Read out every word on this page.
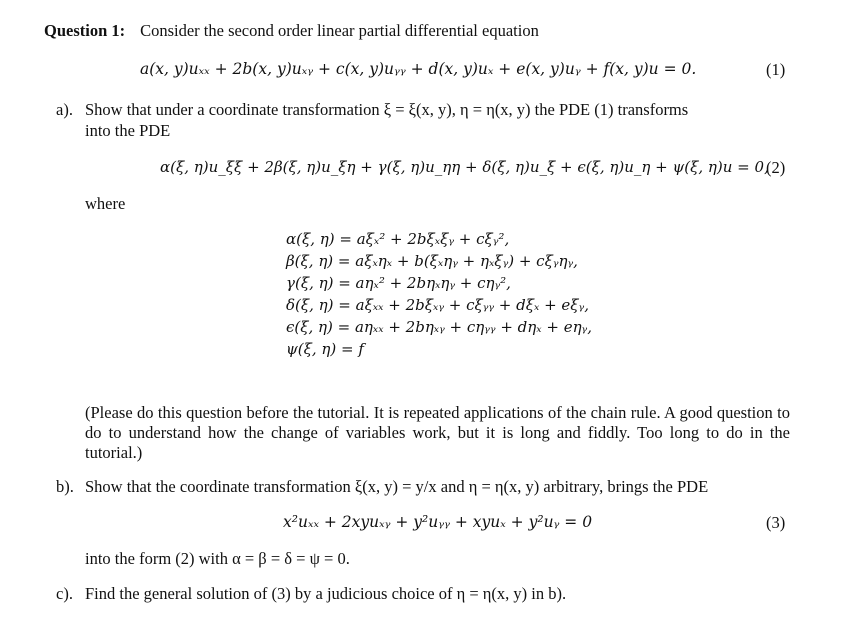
Question 1: Consider the second order linear partial differential equation
a(x, y)uₓₓ + 2b(x, y)uₓᵧ + c(x, y)uᵧᵧ + d(x, y)uₓ + e(x, y)uᵧ + f(x, y)u = 0.	(1)
a). Show that under a coordinate transformation ξ = ξ(x, y), η = η(x, y) the PDE (1) transforms
into the PDE
α(ξ, η)u_ξξ + 2β(ξ, η)u_ξη + γ(ξ, η)u_ηη + δ(ξ, η)u_ξ + ϵ(ξ, η)u_η + ψ(ξ, η)u = 0,
(2)
where
α(ξ, η) = aξₓ² + 2bξₓξᵧ + cξᵧ²,
β(ξ, η) = aξₓηₓ + b(ξₓηᵧ + ηₓξᵧ) + cξᵧηᵧ,
γ(ξ, η) = aηₓ² + 2bηₓηᵧ + cηᵧ²,
δ(ξ, η) = aξₓₓ + 2bξₓᵧ + cξᵧᵧ + dξₓ + eξᵧ,
ϵ(ξ, η) = aηₓₓ + 2bηₓᵧ + cηᵧᵧ + dηₓ + eηᵧ,
ψ(ξ, η) = f
(Please do this question before the tutorial. It is repeated applications of the chain rule. A good question to do to understand how the change of variables work, but it is long and fiddly. Too long to do in the tutorial.)
b). Show that the coordinate transformation ξ(x, y) = y/x and η = η(x, y) arbitrary, brings the PDE
x²uₓₓ + 2xyuₓᵧ + y²uᵧᵧ + xyuₓ + y²uᵧ = 0	(3)
into the form (2) with α = β = δ = ψ = 0.
c). Find the general solution of (3) by a judicious choice of η = η(x, y) in b).
